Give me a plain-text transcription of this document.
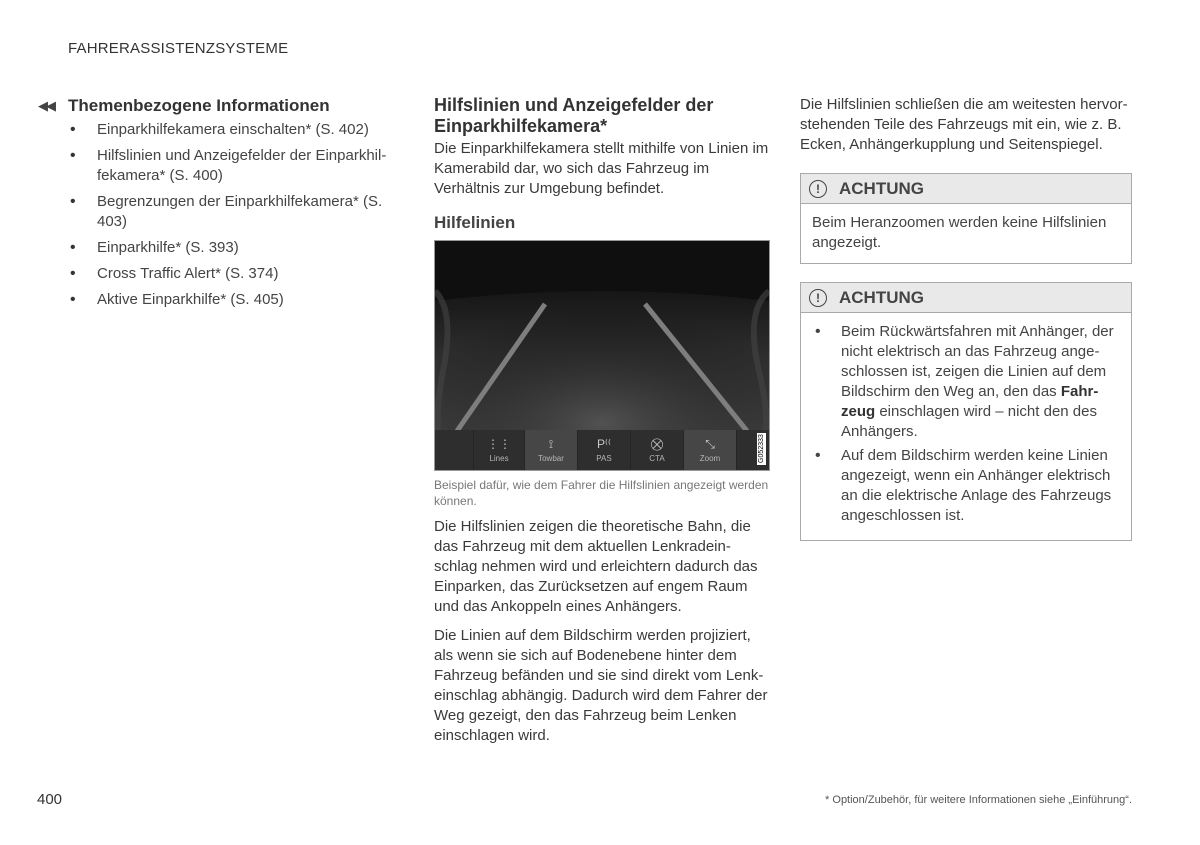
FAHRERASSISTENZSYSTEME
◀◀ Themenbezogene Informationen
• Einparkhilfekamera einschalten* (S. 402)
• Hilfslinien und Anzeigefelder der Einparkhil-fekamera* (S. 400)
• Begrenzungen der Einparkhilfekamera* (S. 403)
• Einparkhilfe* (S. 393)
• Cross Traffic Alert* (S. 374)
• Aktive Einparkhilfe* (S. 405)
Hilfslinien und Anzeigefelder der Einparkhilfekamera*

Die Einparkhilfekamera stellt mithilfe von Linien im Kamerabild dar, wo sich das Fahrzeug im Verhältnis zur Umgebung befindet.

Hilfelinien
⋮⋮
Lines
⟟
Towbar
P⁽⁽
PAS
⛒
CTA
⤡
Zoom	G052333
Beispiel dafür, wie dem Fahrer die Hilfslinien angezeigt werden können.

Die Hilfslinien zeigen die theoretische Bahn, die das Fahrzeug mit dem aktuellen Lenkradein-schlag nehmen wird und erleichtern dadurch das Einparken, das Zurücksetzen auf engem Raum und das Ankoppeln eines Anhängers.

Die Linien auf dem Bildschirm werden projiziert, als wenn sie sich auf Bodenebene hinter dem Fahrzeug befänden und sie sind direkt vom Lenk-einschlag abhängig. Dadurch wird dem Fahrer der Weg gezeigt, den das Fahrzeug beim Lenken einschlagen wird.

Die Hilfslinien schließen die am weitesten hervor-stehenden Teile des Fahrzeugs mit ein, wie z. B. Ecken, Anhängerkupplung und Seitenspiegel.

!	ACHTUNG
Beim Heranzoomen werden keine Hilfslinien angezeigt.
!	ACHTUNG
• Beim Rückwärtsfahren mit Anhänger, der nicht elektrisch an das Fahrzeug ange-schlossen ist, zeigen die Linien auf dem Bildschirm den Weg an, den das Fahr-zeug einschlagen wird – nicht den des Anhängers.
• Auf dem Bildschirm werden keine Linien angezeigt, wenn ein Anhänger elektrisch an die elektrische Anlage des Fahrzeugs angeschlossen ist.
400	* Option/Zubehör, für weitere Informationen siehe „Einführung“.
